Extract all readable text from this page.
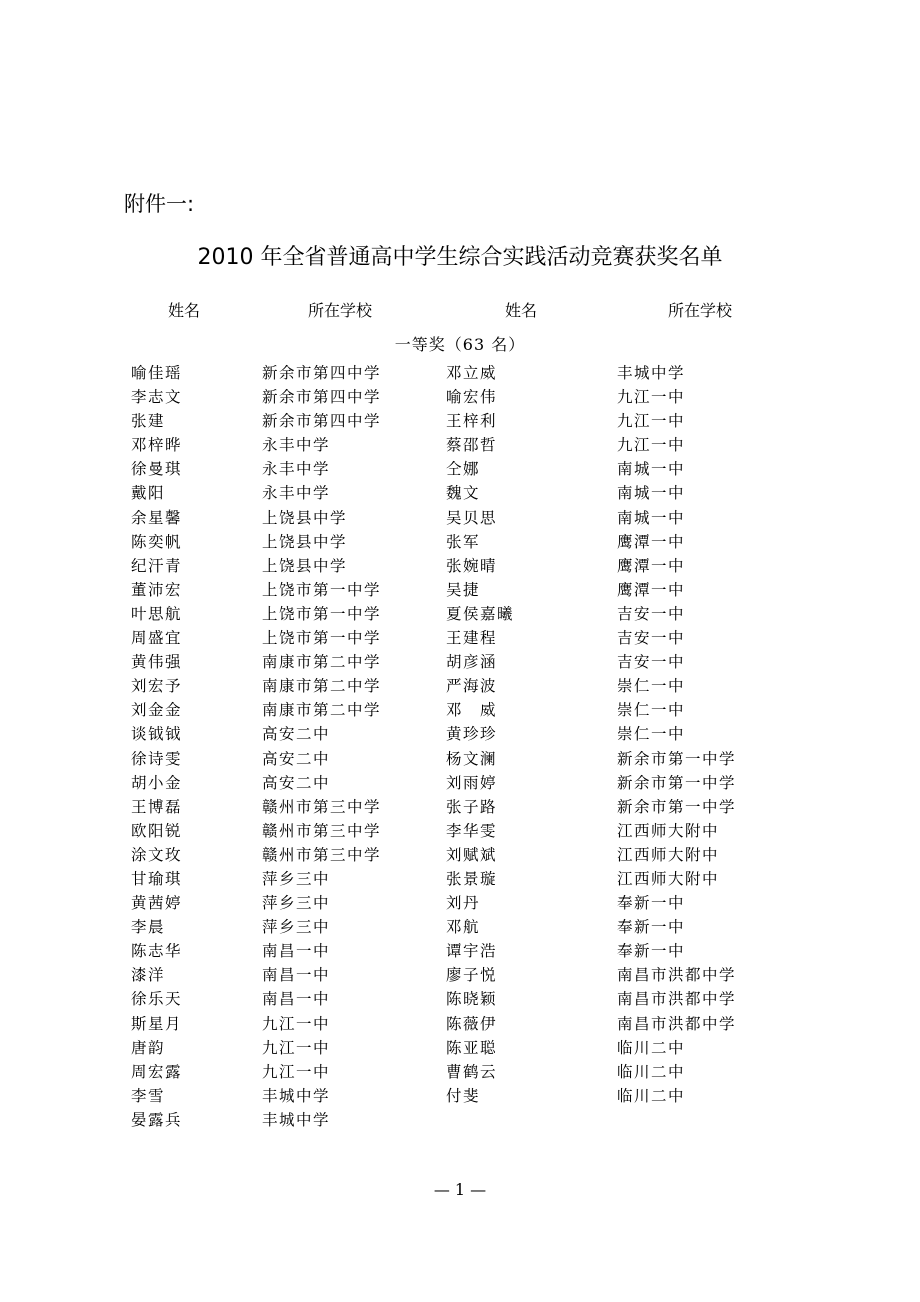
附件一:
2010 年全省普通高中学生综合实践活动竞赛获奖名单
姓名	所在学校	姓名	所在学校
一等奖（63 名）
喻佳瑶	新余市第四中学	邓立威	丰城中学
李志文	新余市第四中学	喻宏伟	九江一中
张建	新余市第四中学	王梓利	九江一中
邓梓晔	永丰中学	蔡邵哲	九江一中
徐曼琪	永丰中学	仝娜	南城一中
戴阳	永丰中学	魏文	南城一中
余星馨	上饶县中学	吴贝思	南城一中
陈奕帆	上饶县中学	张军	鹰潭一中
纪汗青	上饶县中学	张婉晴	鹰潭一中
董沛宏	上饶市第一中学	吴捷	鹰潭一中
叶思航	上饶市第一中学	夏侯嘉曦	吉安一中
周盛宜	上饶市第一中学	王建程	吉安一中
黄伟强	南康市第二中学	胡彦涵	吉安一中
刘宏予	南康市第二中学	严海波	崇仁一中
刘金金	南康市第二中学	邓　威	崇仁一中
谈钺钺	高安二中	黄珍珍	崇仁一中
徐诗雯	高安二中	杨文澜	新余市第一中学
胡小金	高安二中	刘雨婷	新余市第一中学
王博磊	赣州市第三中学	张子路	新余市第一中学
欧阳锐	赣州市第三中学	李华雯	江西师大附中
涂文玫	赣州市第三中学	刘赋斌	江西师大附中
甘瑜琪	萍乡三中	张景璇	江西师大附中
黄茜婷	萍乡三中	刘丹	奉新一中
李晨	萍乡三中	邓航	奉新一中
陈志华	南昌一中	谭宇浩	奉新一中
漆洋	南昌一中	廖子悦	南昌市洪都中学
徐乐天	南昌一中	陈晓颖	南昌市洪都中学
斯星月	九江一中	陈薇伊	南昌市洪都中学
唐韵	九江一中	陈亚聪	临川二中
周宏露	九江一中	曹鹤云	临川二中
李雪	丰城中学	付斐	临川二中
晏露兵	丰城中学
— 1 —
